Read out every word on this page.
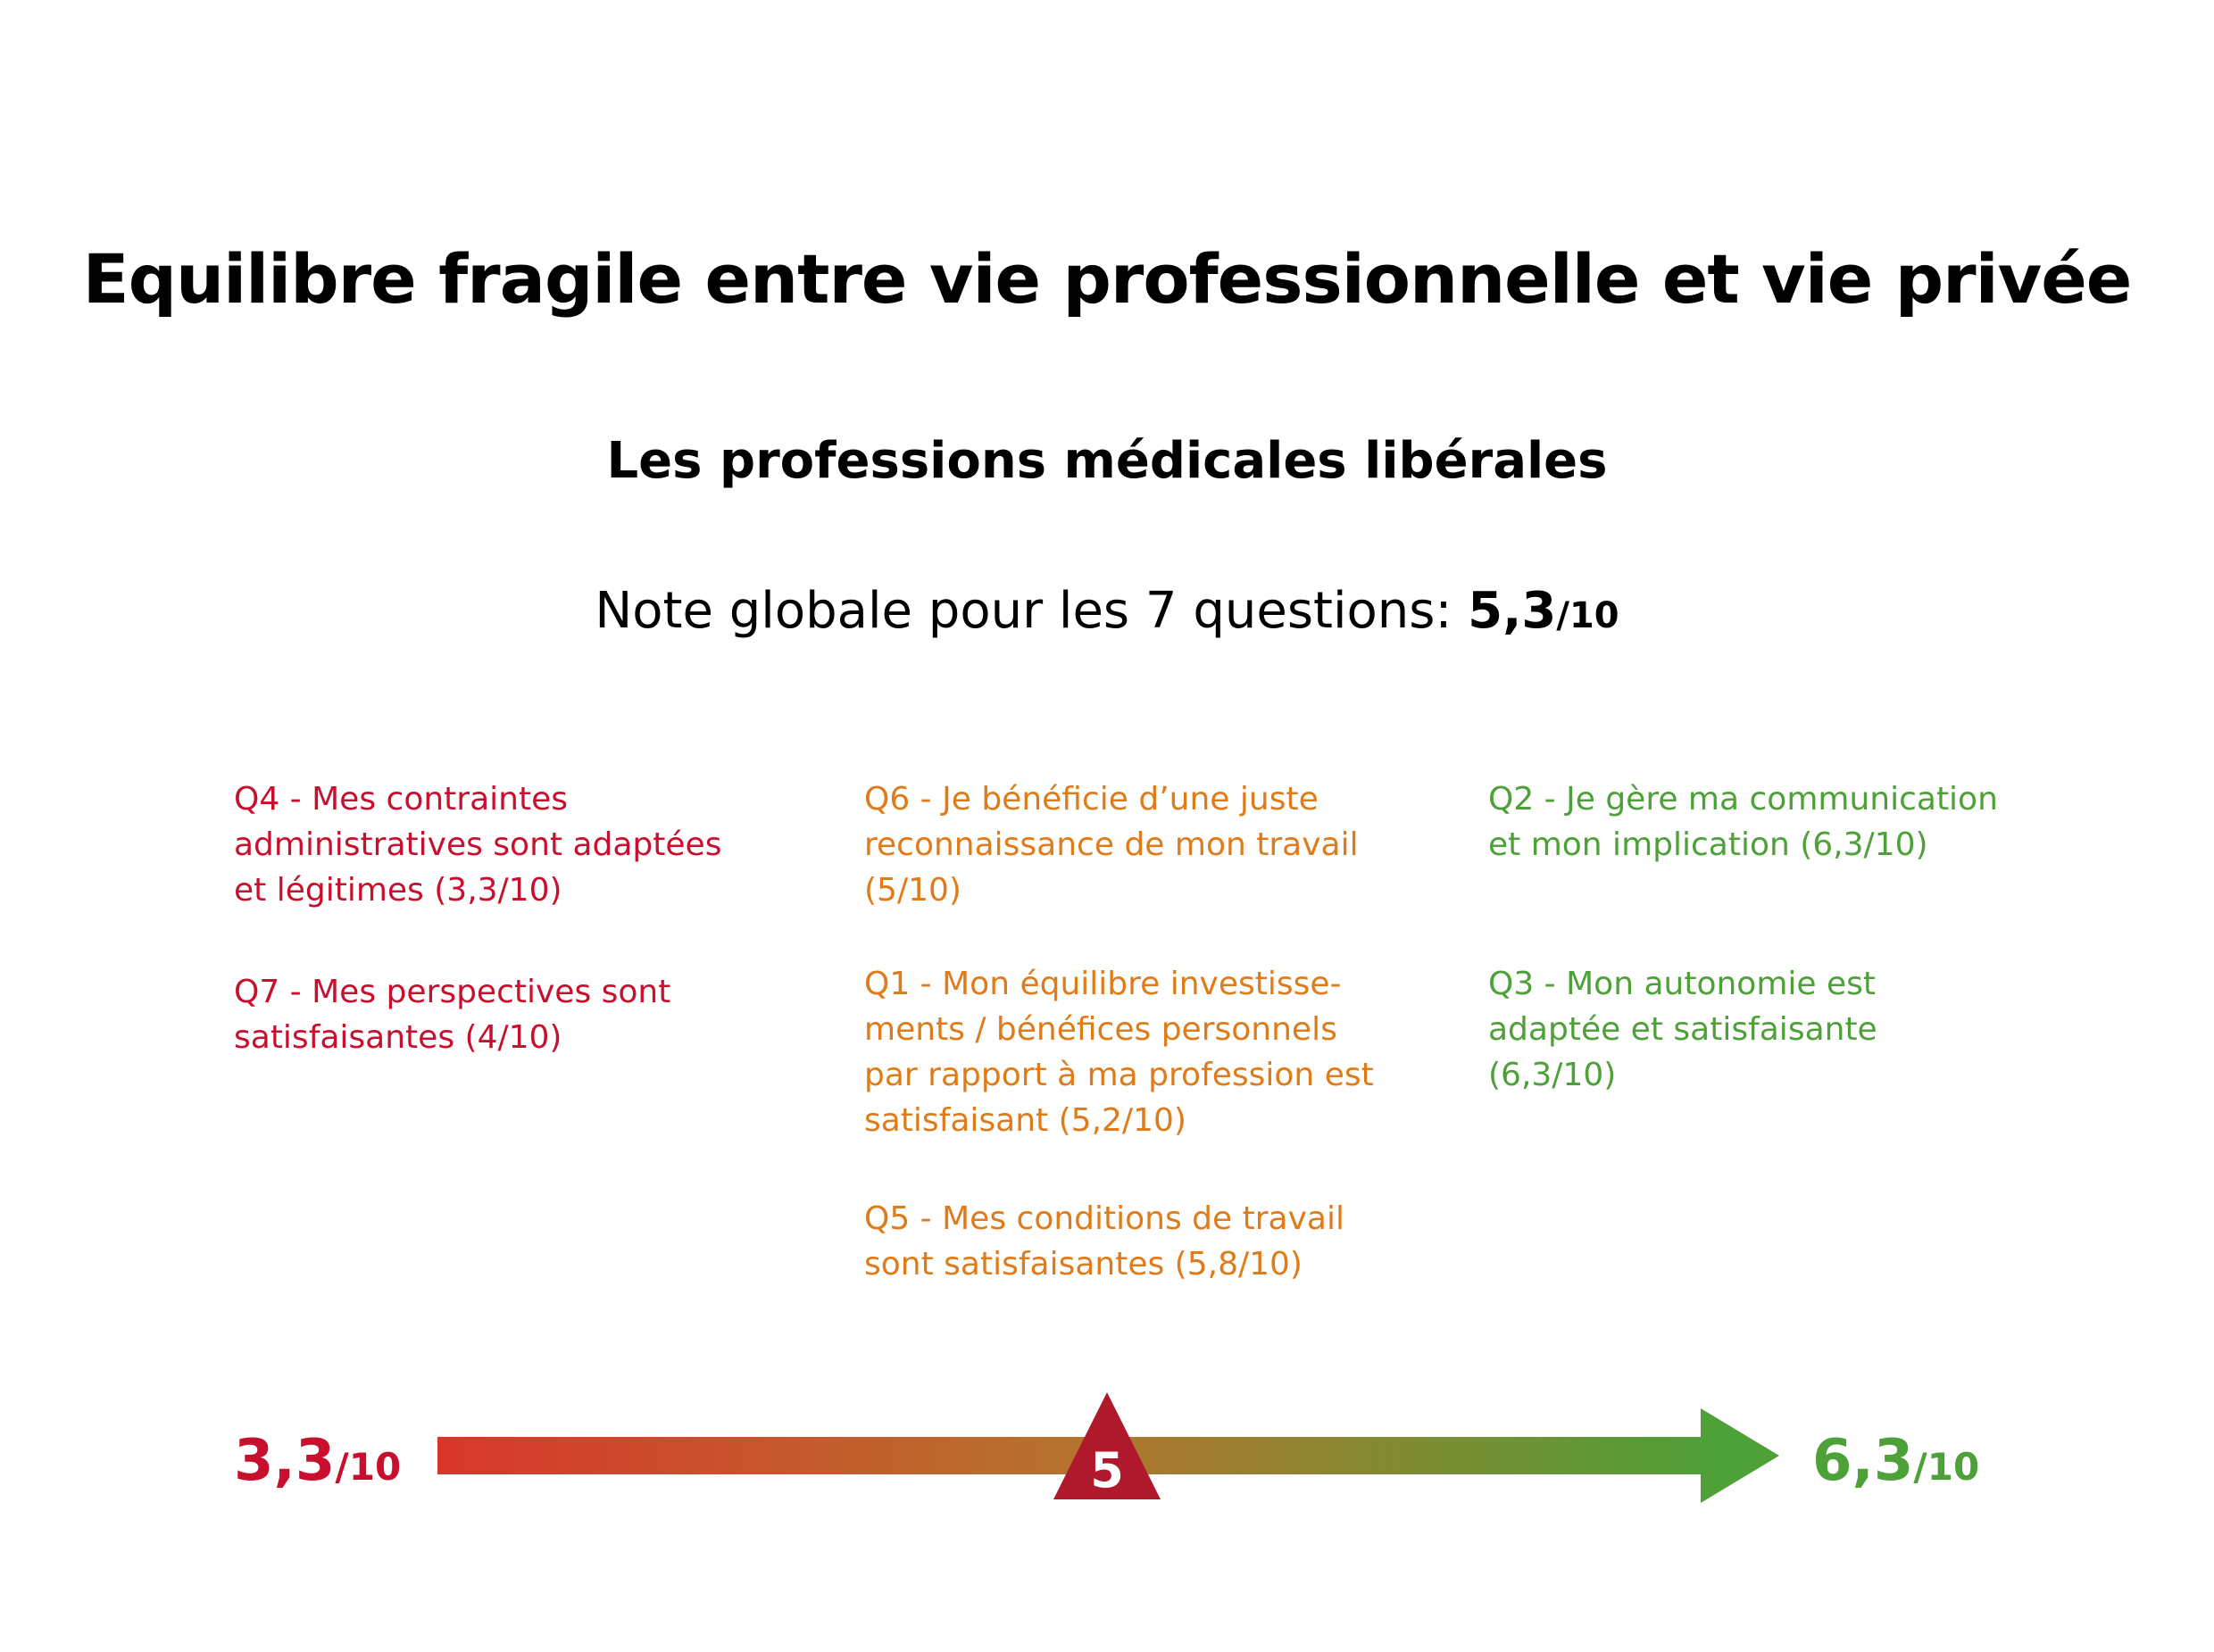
Equilibre fragile entre vie professionnelle et vie privée
Les professions médicales libérales
Note globale pour les 7 questions: 5,3/10

Q4 - Mes contraintes
administratives sont adaptées
et légitimes (3,3/10)

Q7 - Mes perspectives sont
satisfaisantes (4/10)

Q6 - Je bénéficie d’une juste
reconnaissance de mon travail
(5/10)

Q1 - Mon équilibre investisse-
ments / bénéfices personnels
par rapport à ma profession est
satisfaisant (5,2/10)

Q5 - Mes conditions de travail
sont satisfaisantes (5,8/10)

Q2 - Je gère ma communication
et mon implication (6,3/10)

Q3 - Mon autonomie est
adaptée et satisfaisante
(6,3/10)

3,3/10	6,3/10
5
